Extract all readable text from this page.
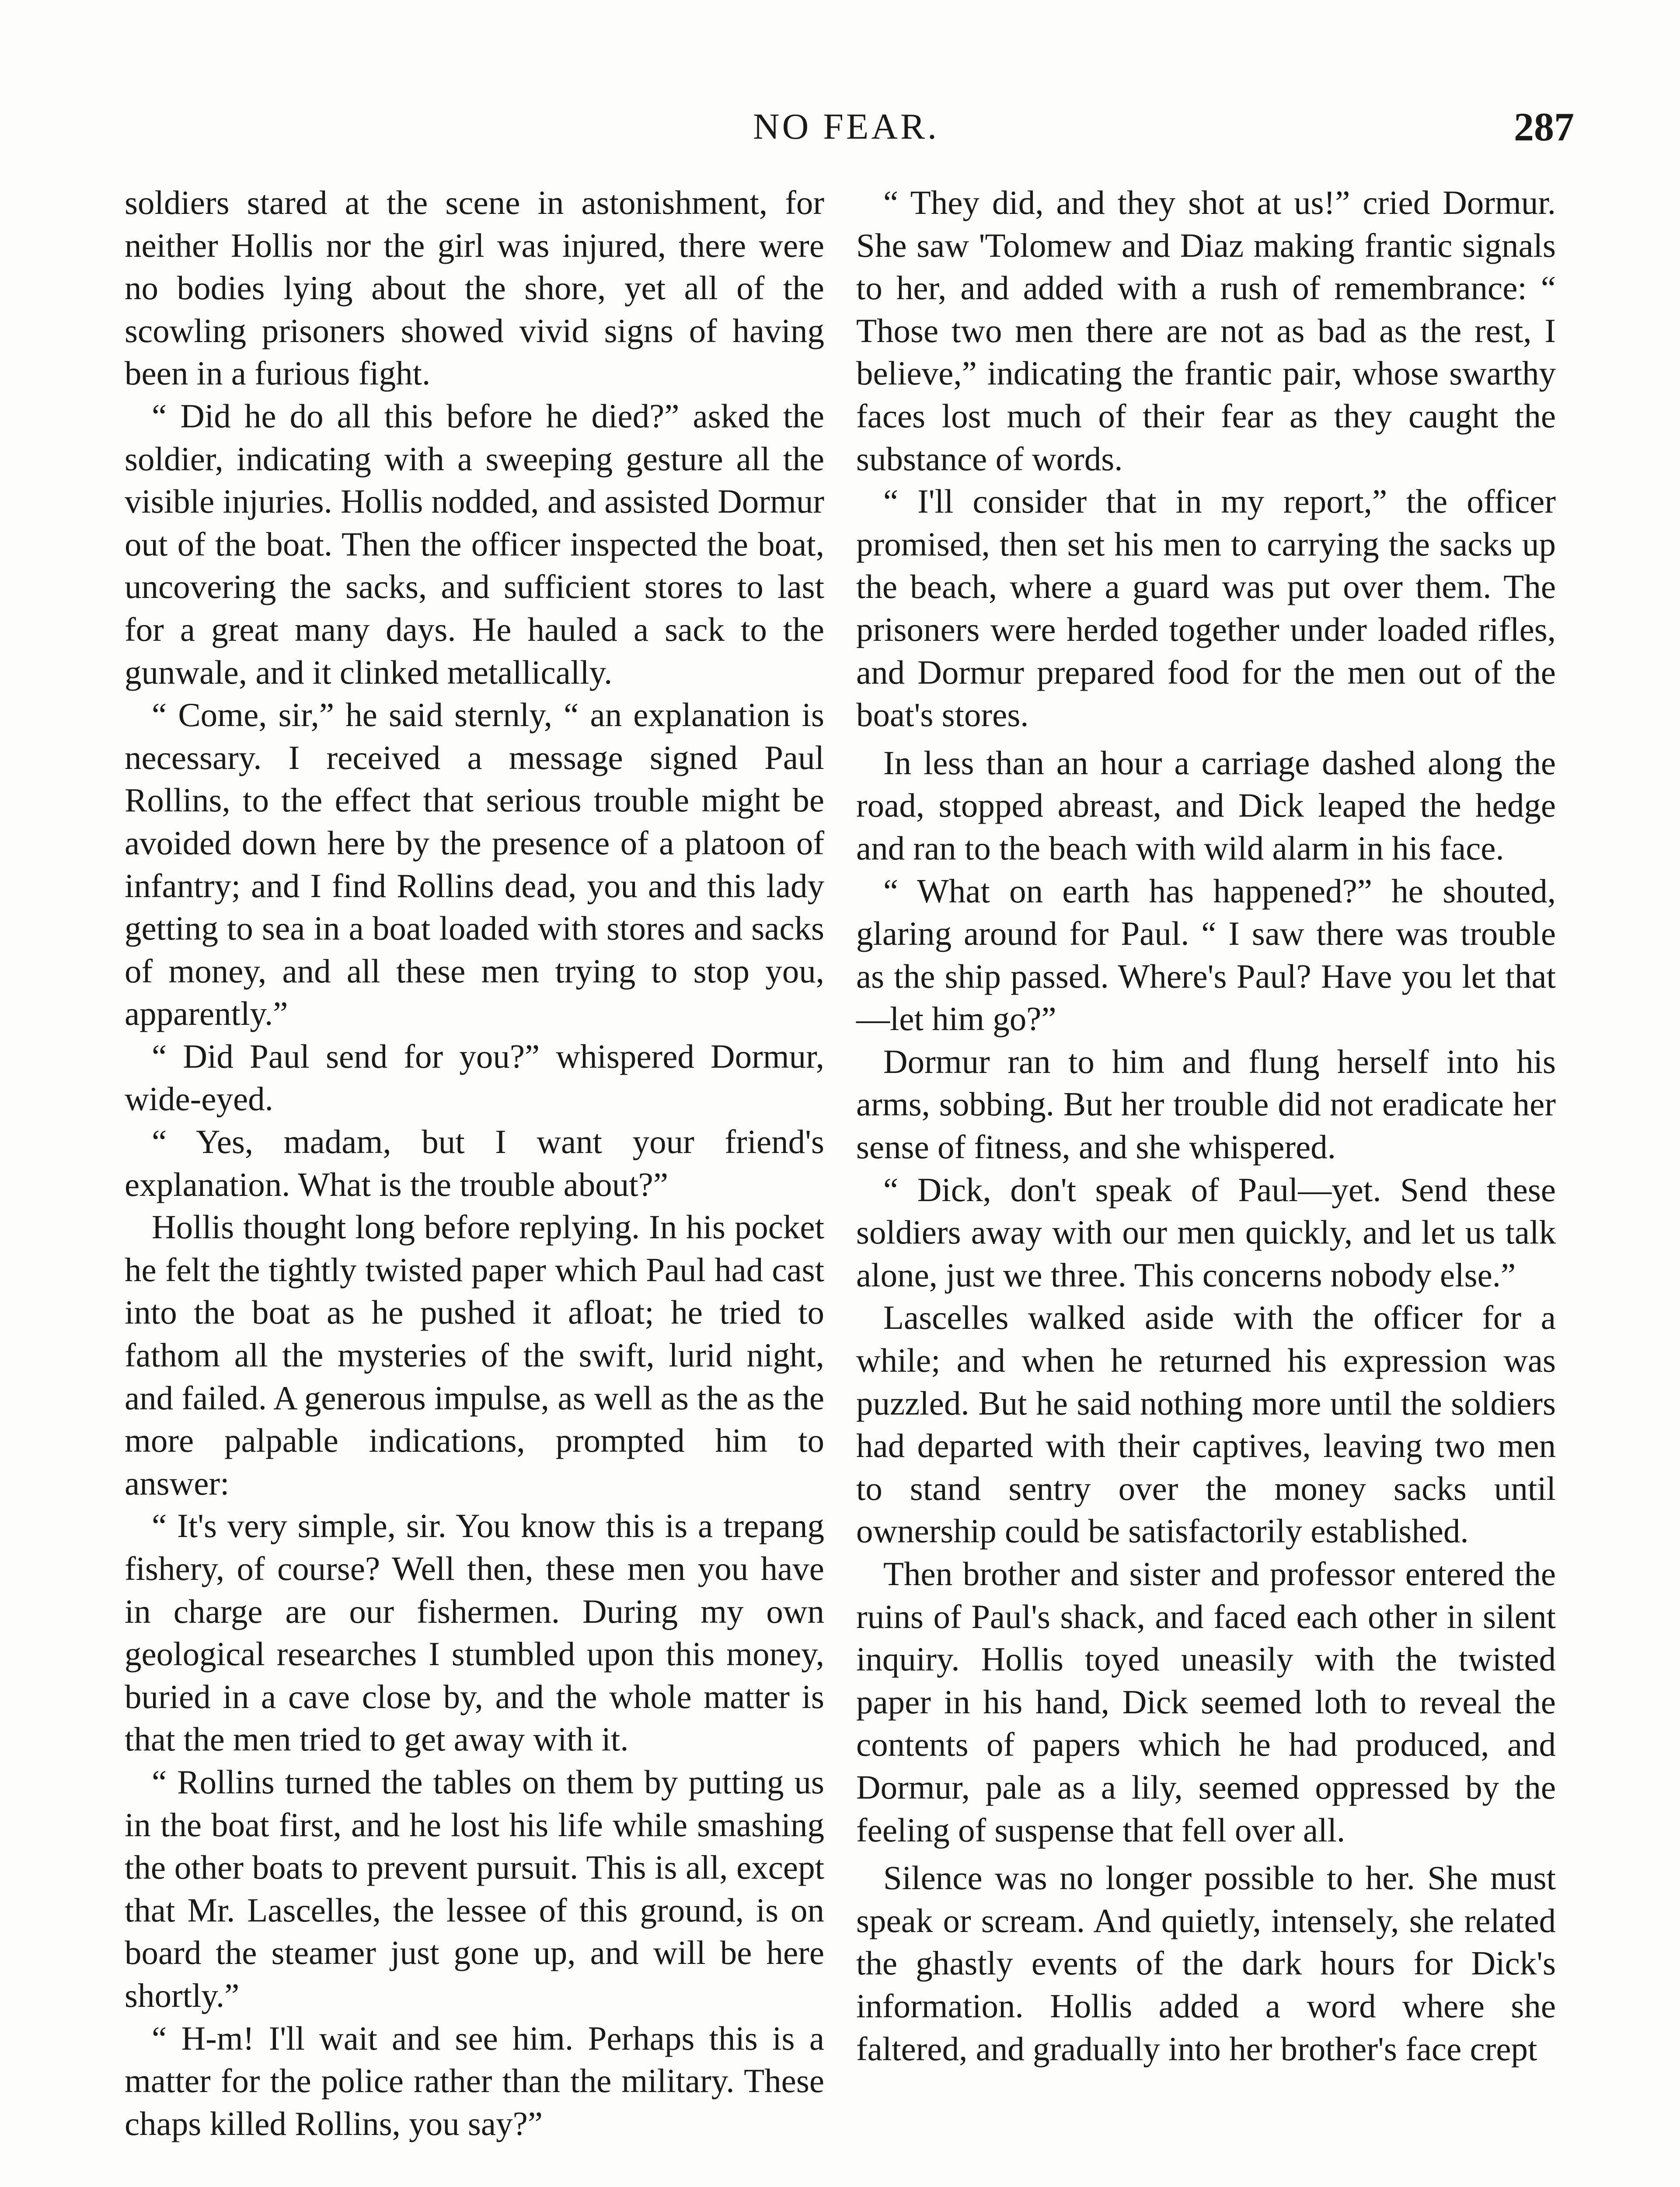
NO FEAR.	287

soldiers stared at the scene in astonishment, for neither Hollis nor the girl was injured, there were no bodies lying about the shore, yet all of the scowling prisoners showed vivid signs of having been in a furious fight.

“ Did he do all this before he died?” asked the soldier, indicating with a sweeping gesture all the visible injuries. Hollis nodded, and assisted Dormur out of the boat. Then the officer inspected the boat, uncovering the sacks, and sufficient stores to last for a great many days. He hauled a sack to the gunwale, and it clinked metallically.

“ Come, sir,” he said sternly, “ an explanation is necessary. I received a message signed Paul Rollins, to the effect that serious trouble might be avoided down here by the presence of a platoon of infantry; and I find Rollins dead, you and this lady getting to sea in a boat loaded with stores and sacks of money, and all these men trying to stop you, apparently.”

“ Did Paul send for you?” whispered Dormur, wide-eyed.

“ Yes, madam, but I want your friend's explanation. What is the trouble about?”

Hollis thought long before replying. In his pocket he felt the tightly twisted paper which Paul had cast into the boat as he pushed it afloat; he tried to fathom all the mysteries of the swift, lurid night, and failed. A generous impulse, as well as the as the more palpable indications, prompted him to answer:

“ It's very simple, sir. You know this is a trepang fishery, of course? Well then, these men you have in charge are our fishermen. During my own geological researches I stumbled upon this money, buried in a cave close by, and the whole matter is that the men tried to get away with it.

“ Rollins turned the tables on them by putting us in the boat first, and he lost his life while smashing the other boats to prevent pursuit. This is all, except that Mr. Lascelles, the lessee of this ground, is on board the steamer just gone up, and will be here shortly.”

“ H-m! I'll wait and see him. Perhaps this is a matter for the police rather than the military. These chaps killed Rollins, you say?”

“ They did, and they shot at us!” cried Dormur. She saw 'Tolomew and Diaz making frantic signals to her, and added with a rush of remembrance: “ Those two men there are not as bad as the rest, I believe,” indicating the frantic pair, whose swarthy faces lost much of their fear as they caught the substance of words.

“ I'll consider that in my report,” the officer promised, then set his men to carrying the sacks up the beach, where a guard was put over them. The prisoners were herded together under loaded rifles, and Dormur prepared food for the men out of the boat's stores.

In less than an hour a carriage dashed along the road, stopped abreast, and Dick leaped the hedge and ran to the beach with wild alarm in his face.

“ What on earth has happened?” he shouted, glaring around for Paul. “ I saw there was trouble as the ship passed. Where's Paul? Have you let that—let him go?”

Dormur ran to him and flung herself into his arms, sobbing. But her trouble did not eradicate her sense of fitness, and she whispered.

“ Dick, don't speak of Paul—yet. Send these soldiers away with our men quickly, and let us talk alone, just we three. This concerns nobody else.”

Lascelles walked aside with the officer for a while; and when he returned his expression was puzzled. But he said nothing more until the soldiers had departed with their captives, leaving two men to stand sentry over the money sacks until ownership could be satisfactorily established.

Then brother and sister and professor entered the ruins of Paul's shack, and faced each other in silent inquiry. Hollis toyed uneasily with the twisted paper in his hand, Dick seemed loth to reveal the contents of papers which he had produced, and Dormur, pale as a lily, seemed oppressed by the feeling of suspense that fell over all.

Silence was no longer possible to her. She must speak or scream. And quietly, intensely, she related the ghastly events of the dark hours for Dick's information. Hollis added a word where she faltered, and gradually into her brother's face crept
